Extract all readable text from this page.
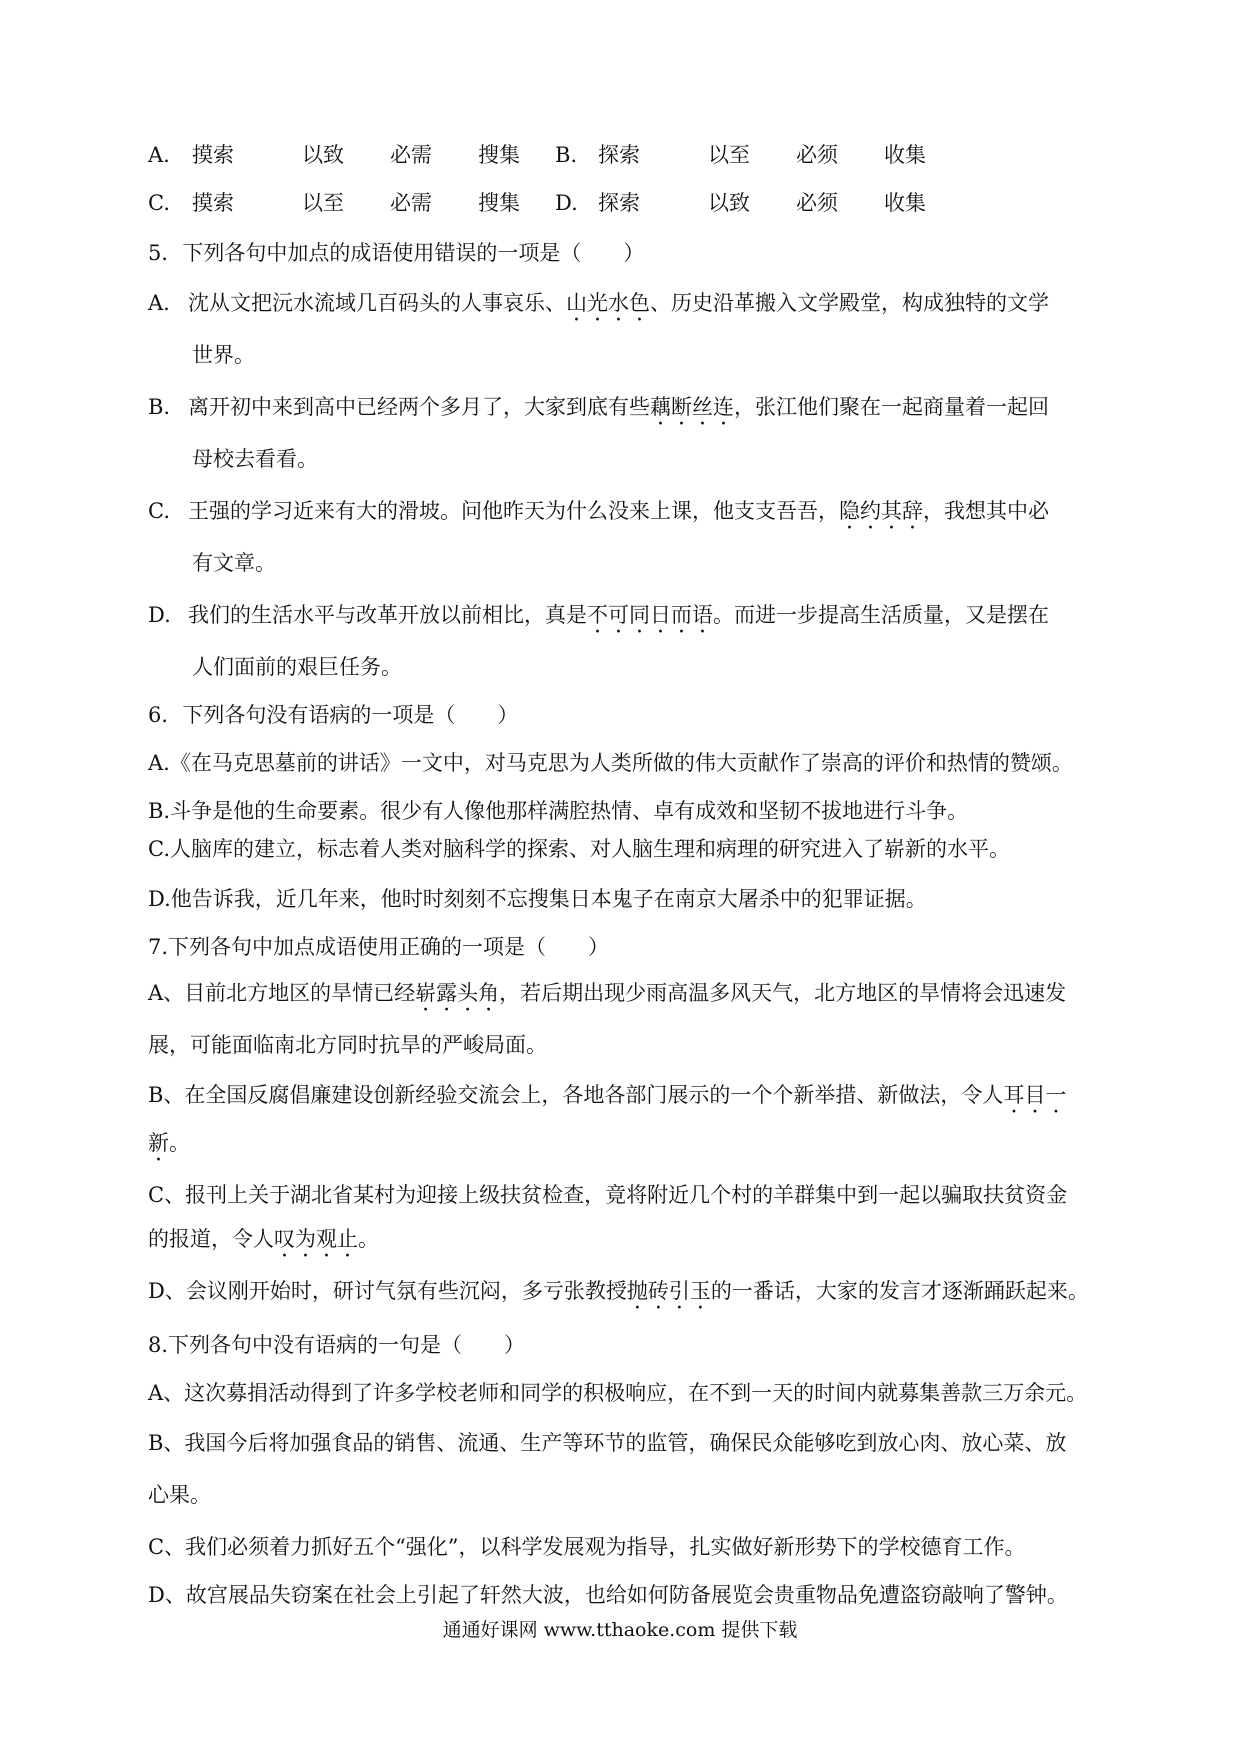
A. 摸索	以致 必需 搜集 B. 探索	以至 必须 收集
C. 摸索	以至 必需 搜集 D. 探索	以致 必须 收集
5．下列各句中加点的成语使用错误的一项是（　　）
A. 沈从文把沅水流域几百码头的人事哀乐、山光水色、历史沿革搬入文学殿堂，构成独特的文学
世界。
B. 离开初中来到高中已经两个多月了，大家到底有些藕断丝连，张江他们聚在一起商量着一起回
母校去看看。
C. 王强的学习近来有大的滑坡。问他昨天为什么没来上课，他支支吾吾，隐约其辞，我想其中必
有文章。
D. 我们的生活水平与改革开放以前相比，真是不可同日而语。而进一步提高生活质量，又是摆在
人们面前的艰巨任务。
6．下列各句没有语病的一项是（　　）
A.《在马克思墓前的讲话》一文中，对马克思为人类所做的伟大贡献作了崇高的评价和热情的赞颂。
B.斗争是他的生命要素。很少有人像他那样满腔热情、卓有成效和坚韧不拔地进行斗争。
C.人脑库的建立，标志着人类对脑科学的探索、对人脑生理和病理的研究进入了崭新的水平。
D.他告诉我，近几年来，他时时刻刻不忘搜集日本鬼子在南京大屠杀中的犯罪证据。
7.下列各句中加点成语使用正确的一项是（　　）
A、目前北方地区的旱情已经崭露头角，若后期出现少雨高温多风天气，北方地区的旱情将会迅速发
展，可能面临南北方同时抗旱的严峻局面。
B、在全国反腐倡廉建设创新经验交流会上，各地各部门展示的一个个新举措、新做法，令人耳目一
新。
C、报刊上关于湖北省某村为迎接上级扶贫检查，竟将附近几个村的羊群集中到一起以骗取扶贫资金
的报道，令人叹为观止。
D、会议刚开始时，研讨气氛有些沉闷，多亏张教授抛砖引玉的一番话，大家的发言才逐渐踊跃起来。
8.下列各句中没有语病的一句是（　　）
A、这次募捐活动得到了许多学校老师和同学的积极响应，在不到一天的时间内就募集善款三万余元。
B、我国今后将加强食品的销售、流通、生产等环节的监管，确保民众能够吃到放心肉、放心菜、放
心果。
C、我们必须着力抓好五个“强化”，以科学发展观为指导，扎实做好新形势下的学校德育工作。
D、故宫展品失窃案在社会上引起了轩然大波，也给如何防备展览会贵重物品免遭盗窃敲响了警钟。
通通好课网 www.tthaoke.com 提供下载
